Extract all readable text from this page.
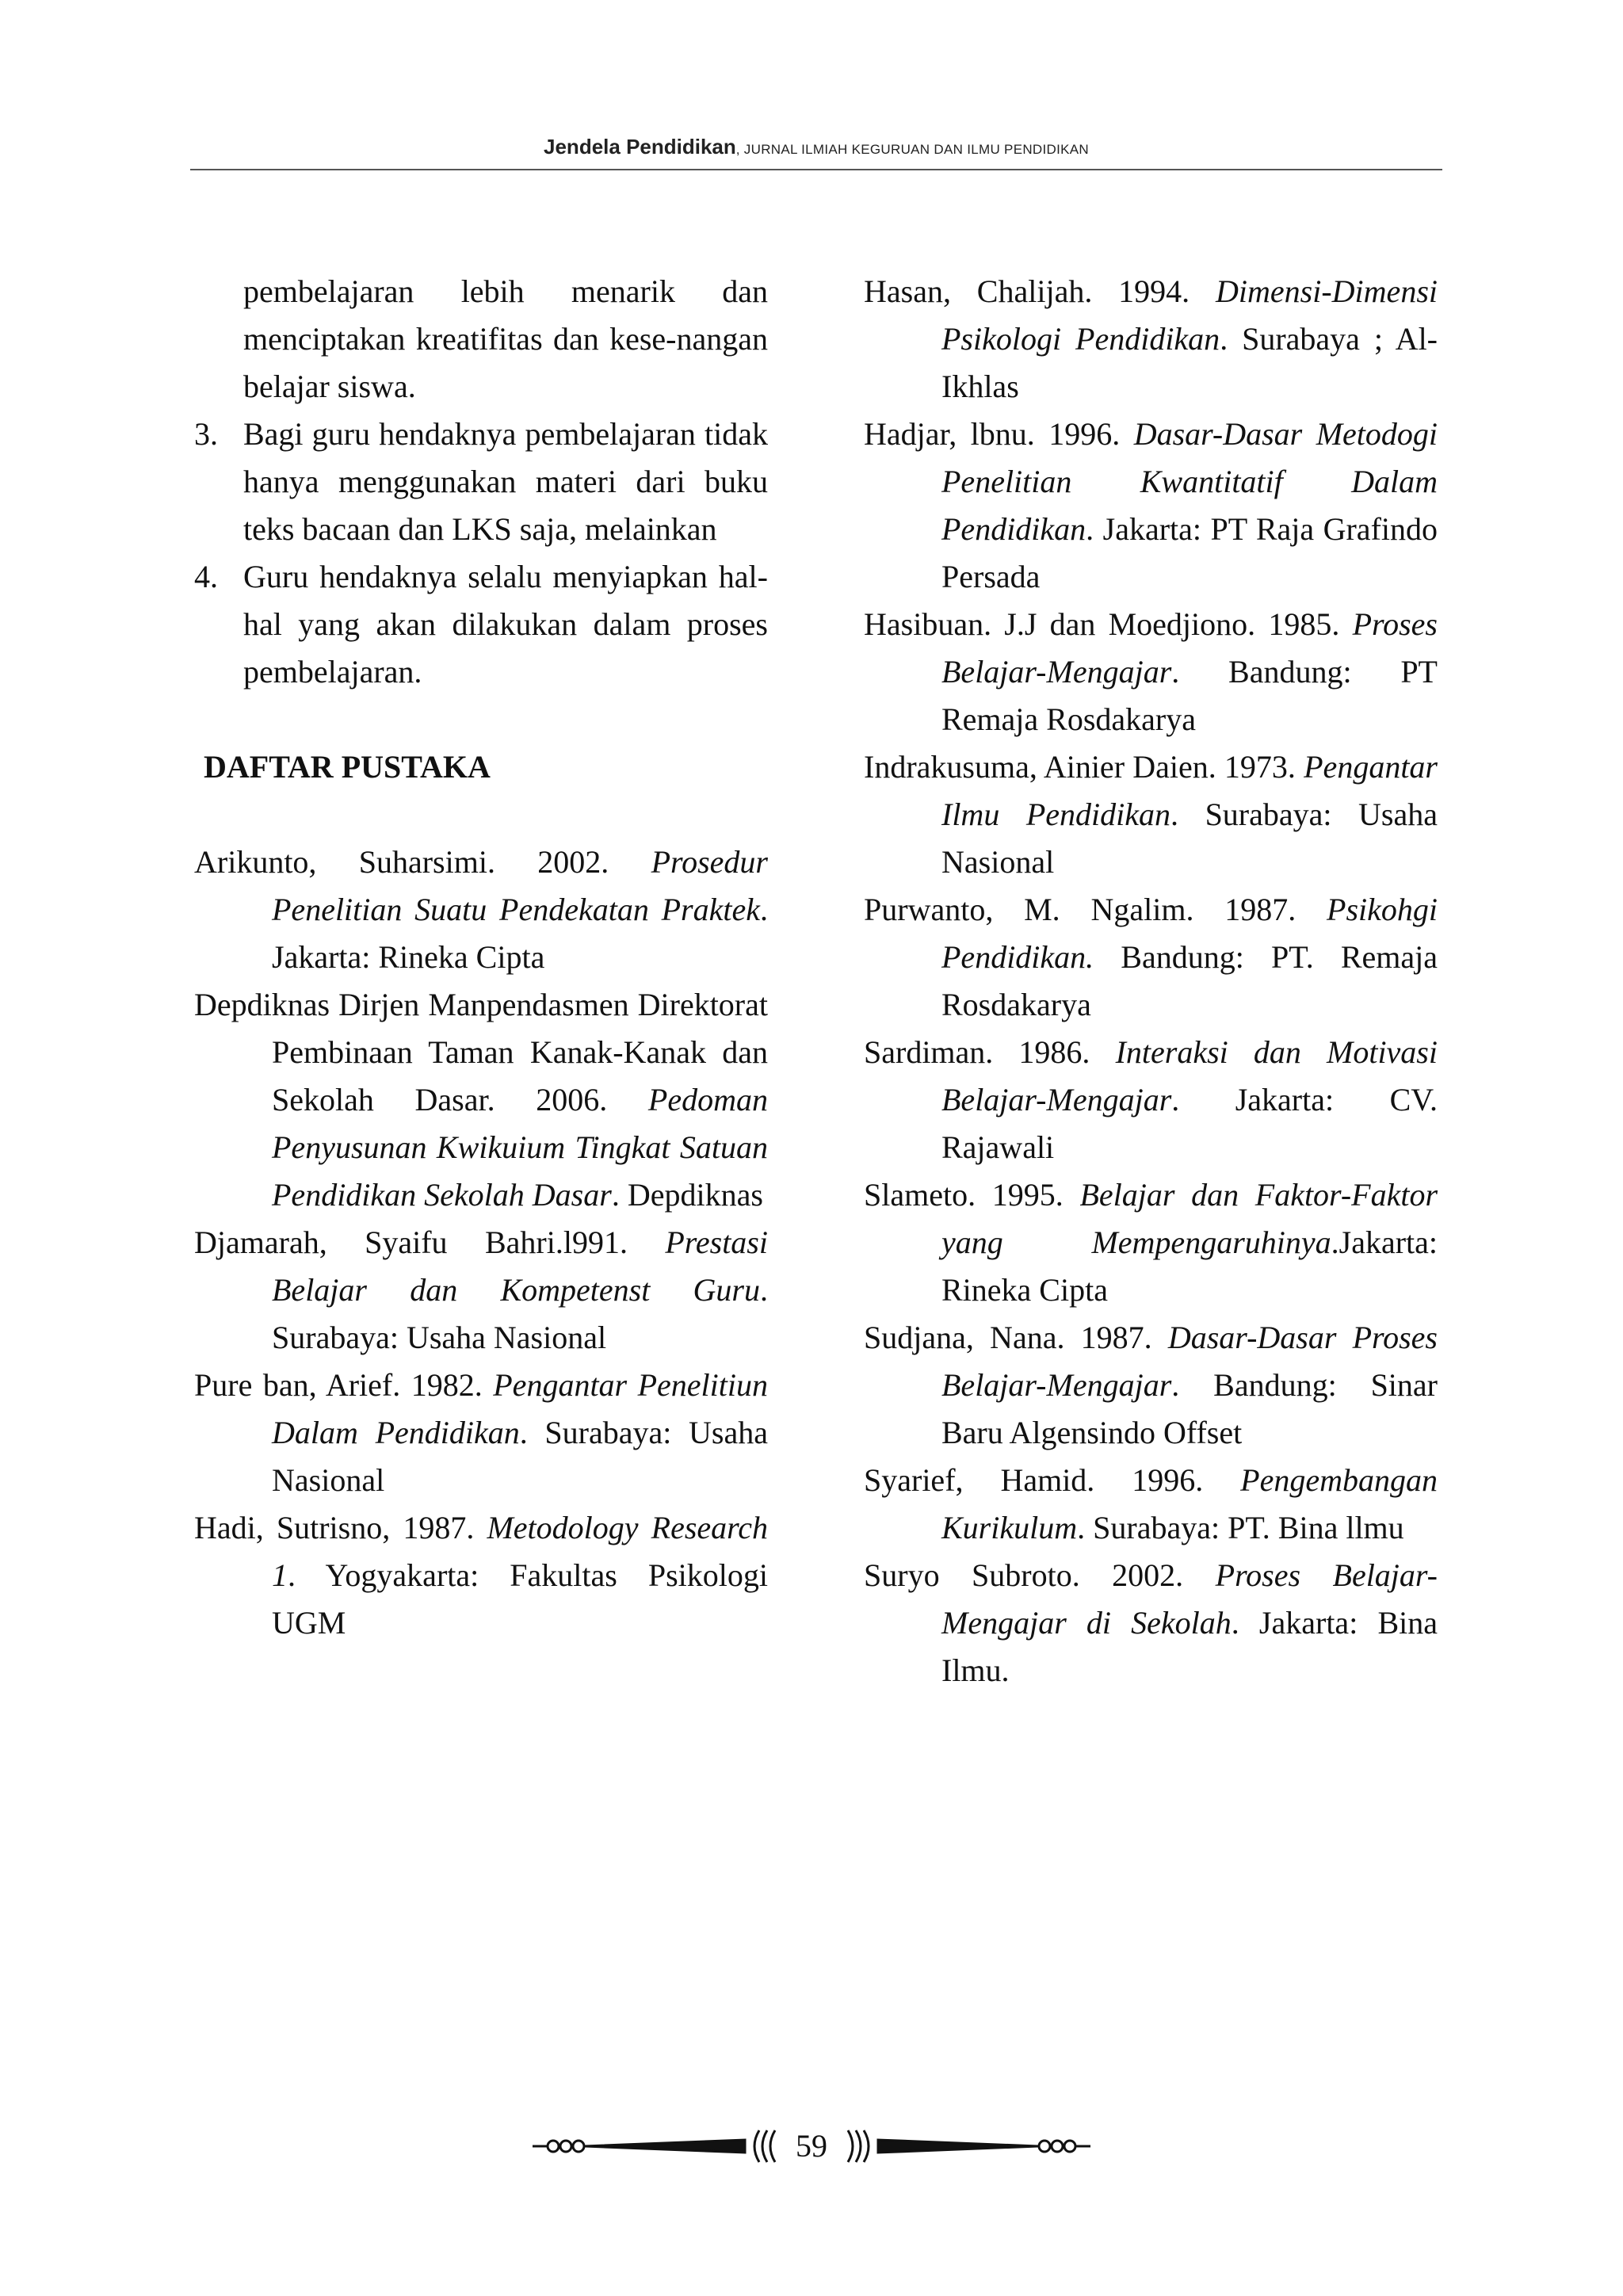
Jendela Pendidikan, JURNAL ILMIAH KEGURUAN DAN ILMU PENDIDIKAN
pembelajaran lebih menarik dan menciptakan kreatifitas dan kese-nangan belajar siswa.
3. Bagi guru hendaknya pembelajaran tidak hanya menggunakan materi dari buku teks bacaan dan LKS saja, melainkan
4. Guru hendaknya selalu menyiapkan hal-hal yang akan dilakukan dalam proses pembelajaran.
DAFTAR PUSTAKA

Arikunto, Suharsimi. 2002. Prosedur Penelitian Suatu Pendekatan Praktek. Jakarta: Rineka Cipta

Depdiknas Dirjen Manpendasmen Direktorat Pembinaan Taman Kanak-Kanak dan Sekolah Dasar. 2006. Pedoman Penyusunan Kwikuium Tingkat Satuan Pendidikan Sekolah Dasar. Depdiknas

Djamarah, Syaifu Bahri.l991. Prestasi Belajar dan Kompetenst Guru. Surabaya: Usaha Nasional

Pure ban, Arief. 1982. Pengantar Penelitiun Dalam Pendidikan. Surabaya: Usaha Nasional

Hadi, Sutrisno, 1987. Metodology Research 1. Yogyakarta: Fakultas Psikologi UGM

Hasan, Chalijah. 1994. Dimensi-Dimensi Psikologi Pendidikan. Surabaya ; Al-Ikhlas

Hadjar, lbnu. 1996. Dasar-Dasar Metodogi Penelitian Kwantitatif Dalam Pendidikan. Jakarta: PT Raja Grafindo Persada

Hasibuan. J.J dan Moedjiono. 1985. Proses Belajar-Mengajar. Bandung: PT Remaja Rosdakarya

Indrakusuma, Ainier Daien. 1973. Pengantar Ilmu Pendidikan. Surabaya: Usaha Nasional

Purwanto, M. Ngalim. 1987. Psikohgi Pendidikan. Bandung: PT. Remaja Rosdakarya

Sardiman. 1986. Interaksi dan Motivasi Belajar-Mengajar. Jakarta: CV. Rajawali

Slameto. 1995. Belajar dan Faktor-Faktor yang Mempengaruhinya.Jakarta: Rineka Cipta

Sudjana, Nana. 1987. Dasar-Dasar Proses Belajar-Mengajar. Bandung: Sinar Baru Algensindo Offset

Syarief, Hamid. 1996. Pengembangan Kurikulum. Surabaya: PT. Bina llmu

Suryo Subroto. 2002. Proses Belajar-Mengajar di Sekolah. Jakarta: Bina Ilmu.

59
